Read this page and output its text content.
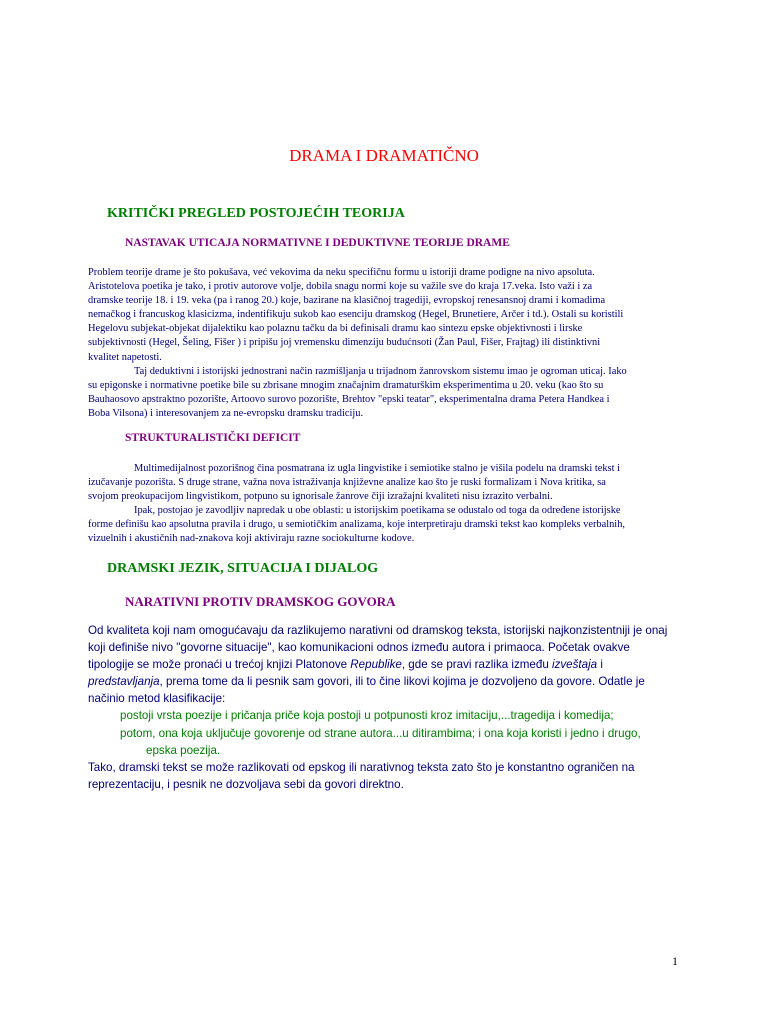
DRAMA I DRAMATIČNO
KRITIČKI PREGLED POSTOJEĆIH TEORIJA
NASTAVAK UTICAJA NORMATIVNE I DEDUKTIVNE TEORIJE DRAME
Problem teorije drame je što pokušava, već vekovima da neku specifičnu formu u istoriji drame podigne na nivo apsoluta.
Aristotelova poetika je tako, i protiv autorove volje, dobila snagu normi koje su važile sve do kraja 17.veka. Isto važi i za
dramske teorije 18. i 19. veka (pa i ranog 20.) koje, bazirane na klasičnoj tragediji, evropskoj renesansnoj drami i komadima
nemačkog i francuskog klasicizma, indentifikuju sukob kao esenciju dramskog (Hegel, Brunetiere, Arčer i td.). Ostali su koristili
Hegelovu subjekat-objekat dijalektiku kao polaznu tačku da bi definisali dramu kao sintezu epske objektivnosti i lirske
subjektivnosti (Hegel, Šeling, Fišer ) i pripišu joj vremensku dimenziju budućnsoti (Žan Paul, Fišer, Frajtag) ili distinktivni
kvalitet napetosti.
Taj deduktivni i istorijski jednostrani način razmišljanja u trijadnom žanrovskom sistemu imao je ogroman uticaj. Iako
su epigonske i normativne poetike bile su zbrisane mnogim značajnim dramaturškim eksperimentima u 20. veku (kao što su
Bauhaosovo apstraktno pozorište, Artoovo surovo pozorište, Brehtov "epski teatar", eksperimentalna drama Petera Handkea i
Boba Vilsona) i interesovanjem za ne-evropsku dramsku tradiciju.
STRUKTURALISTIČKI DEFICIT
Multimedijalnost pozorišnog čina posmatrana iz ugla lingvistike i semiotike stalno je višila podelu na dramski tekst i
izučavanje pozorišta. S druge strane, važna nova istraživanja književne analize kao što je ruski formalizam i Nova kritika, sa
svojom preokupacijom lingvistikom, potpuno su ignorisale žanrove čiji izražajni kvaliteti nisu izrazito verbalni.
Ipak, postojao je zavodljiv napredak u obe oblasti: u istorijskim poetikama se odustalo od toga da određene istorijske
forme definišu kao apsolutna pravila i drugo, u semiotičkim analizama, koje interpretiraju dramski tekst kao kompleks verbalnih,
vizuelnih i akustičnih nad-znakova koji aktiviraju razne sociokulturne kodove.
DRAMSKI JEZIK, SITUACIJA I DIJALOG
NARATIVNI PROTIV DRAMSKOG GOVORA
Od kvaliteta koji nam omogućavaju da razlikujemo narativni od dramskog teksta, istorijski najkonzistentniji je onaj
koji definiše nivo "govorne situacije", kao komunikacioni odnos između autora i primaoca. Početak ovakve
tipologije se može pronaći u trećoj knjizi Platonove Republike, gde se pravi razlika između izveštaja i
predstavljanja, prema tome da li pesnik sam govori, ili to čine likovi kojima je dozvoljeno da govore. Odatle je
načinio metod klasifikacije:
postoji vrsta poezije i pričanja priče koja postoji u potpunosti kroz imitaciju,...tragedija i komedija;
potom, ona koja uključuje govorenje od strane autora...u ditirambima; i ona koja koristi i jedno i drugo,
epska poezija.
Tako, dramski tekst se može razlikovati od epskog ili narativnog teksta zato što je konstantno ograničen na
reprezentaciju, i pesnik ne dozvoljava sebi da govori direktno.
1
